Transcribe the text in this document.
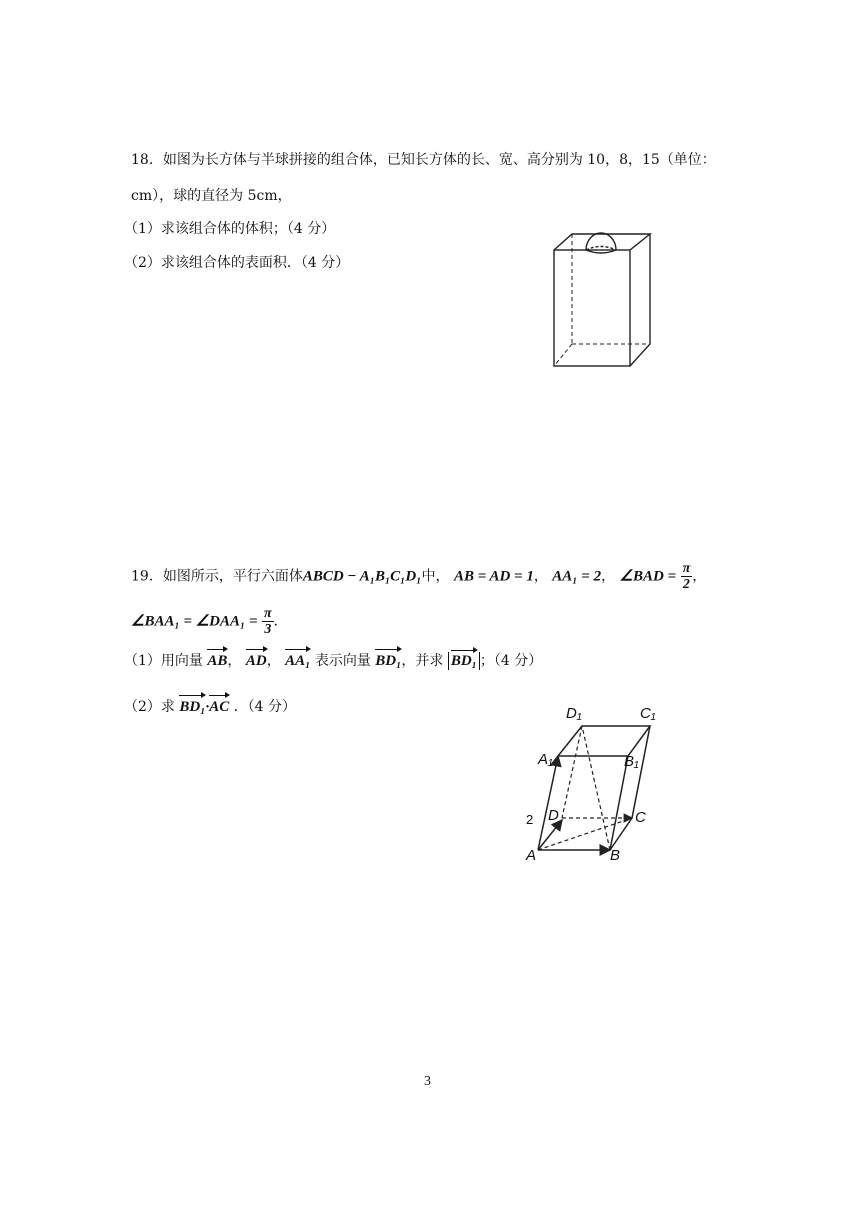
18．如图为长方体与半球拼接的组合体，已知长方体的长、宽、高分别为 10，8，15（单位：
cm），球的直径为 5cm，
（1）求该组合体的体积；（4 分）
（2）求该组合体的表面积．（4 分）
19．如图所示，平行六面体ABCD − A₁B₁C₁D₁中， AB = AD = 1， AA₁ = 2， ∠BAD = $\frac{\pi}{2}$ ，
∠BAA₁ = ∠DAA₁ = $\frac{\pi}{3}$ ．
（1）用向量 AB， AD， AA₁ 表示向量 BD₁，并求 BD₁ ；（4 分）
（2）求 BD₁·AC ．（4 分）	D₁	C₁
A₁	B₁
D	C
A	B
2
3
